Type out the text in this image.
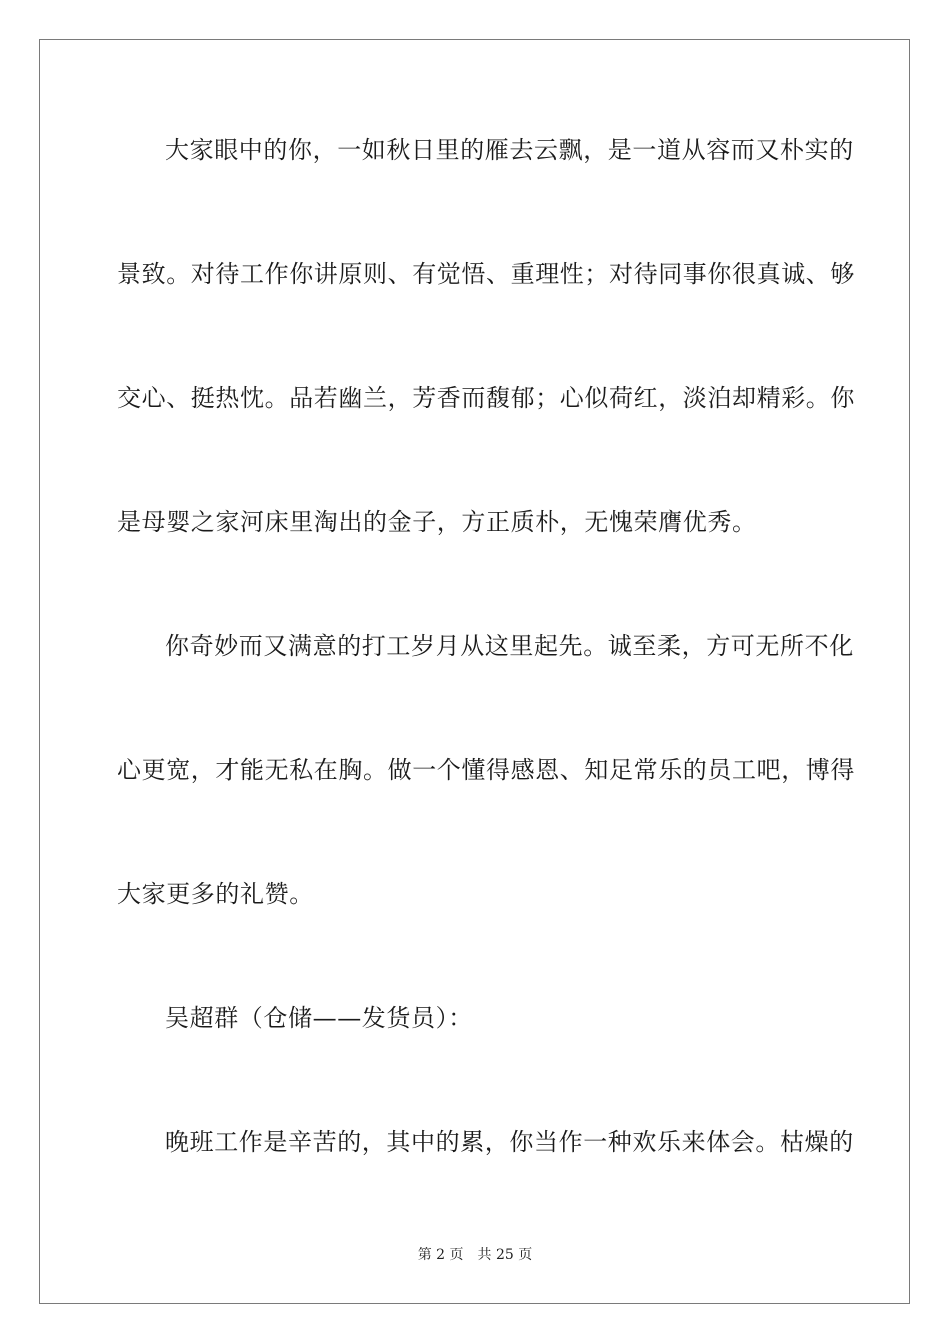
大家眼中的你，一如秋日里的雁去云飘，是一道从容而又朴实的
景致。对待工作你讲原则、有觉悟、重理性；对待同事你很真诚、够
交心、挺热忱。品若幽兰，芳香而馥郁；心似荷红，淡泊却精彩。你
是母婴之家河床里淘出的金子，方正质朴，无愧荣膺优秀。
你奇妙而又满意的打工岁月从这里起先。诚至柔，方可无所不化
心更宽，才能无私在胸。做一个懂得感恩、知足常乐的员工吧，博得
大家更多的礼赞。
吴超群（仓储——发货员）：
晚班工作是辛苦的，其中的累，你当作一种欢乐来体会。枯燥的
第 2 页 共 25 页
